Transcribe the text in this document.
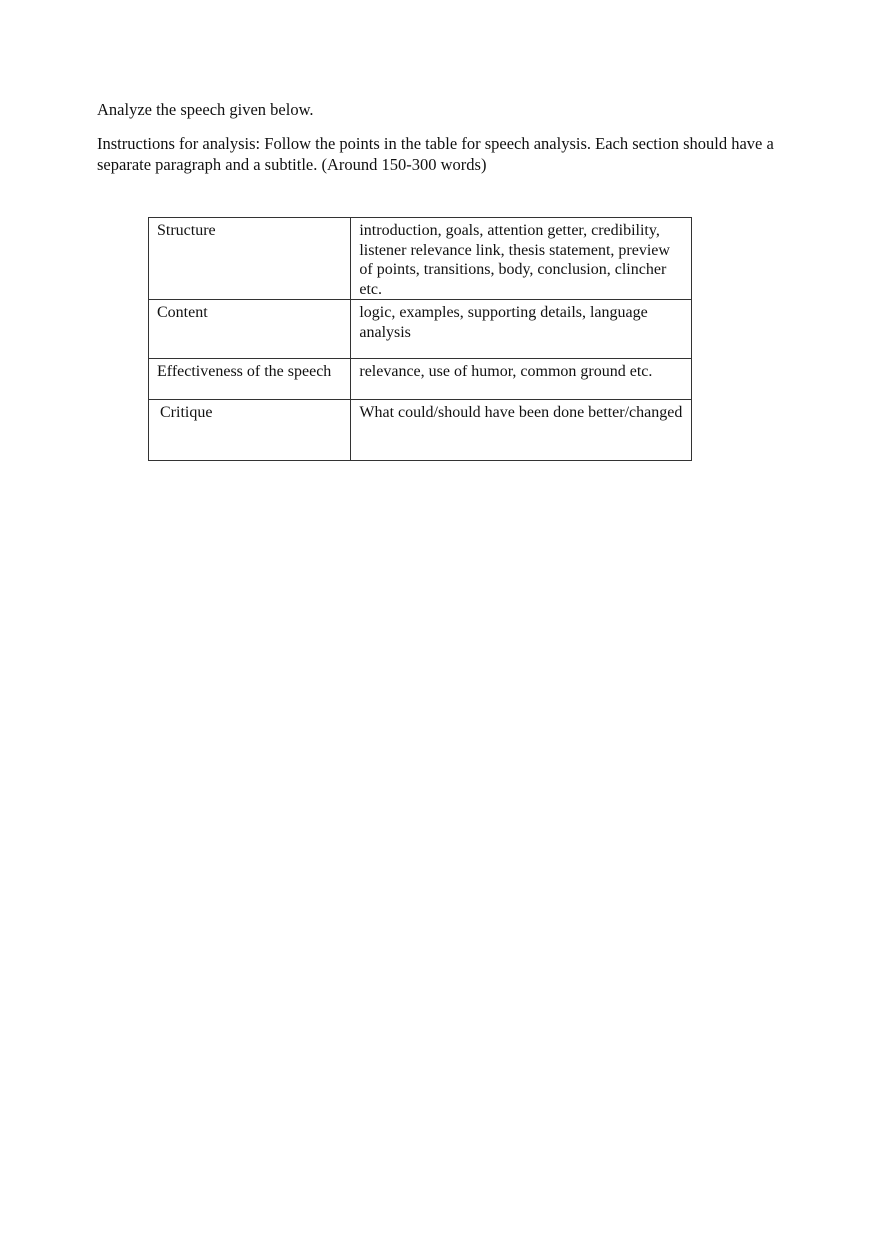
Analyze the speech given below.

Instructions for analysis: Follow the points in the table for speech analysis. Each section should have a separate paragraph and a subtitle. (Around 150-300 words)

Structure	introduction, goals, attention getter, credibility, listener relevance link, thesis statement, preview of points, transitions, body, conclusion, clincher etc.
Content	logic, examples, supporting details, language analysis
Effectiveness of the speech	relevance, use of humor, common ground etc.
Critique	What could/should have been done better/changed
